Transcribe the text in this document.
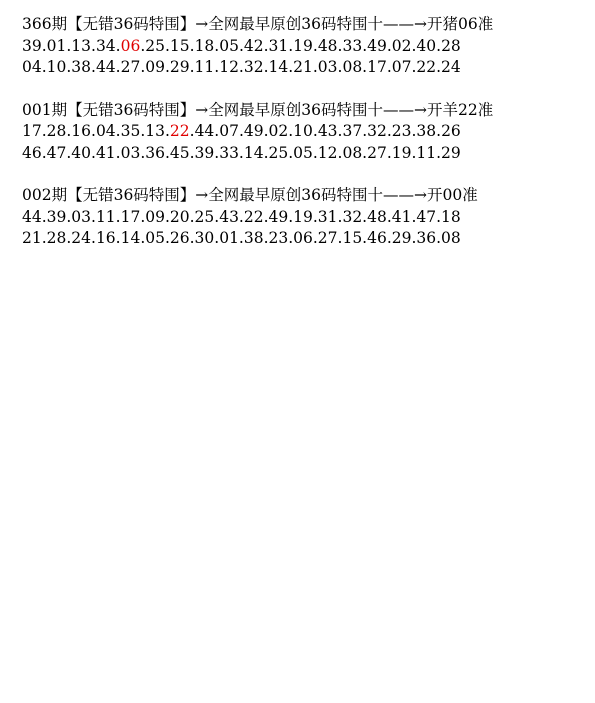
366期【无错36码特围】→全网最早原创36码特围十——→开猪06准
39.01.13.34.06.25.15.18.05.42.31.19.48.33.49.02.40.28
04.10.38.44.27.09.29.11.12.32.14.21.03.08.17.07.22.24
001期【无错36码特围】→全网最早原创36码特围十——→开羊22准
17.28.16.04.35.13.22.44.07.49.02.10.43.37.32.23.38.26
46.47.40.41.03.36.45.39.33.14.25.05.12.08.27.19.11.29
002期【无错36码特围】→全网最早原创36码特围十——→开00准
44.39.03.11.17.09.20.25.43.22.49.19.31.32.48.41.47.18
21.28.24.16.14.05.26.30.01.38.23.06.27.15.46.29.36.08
